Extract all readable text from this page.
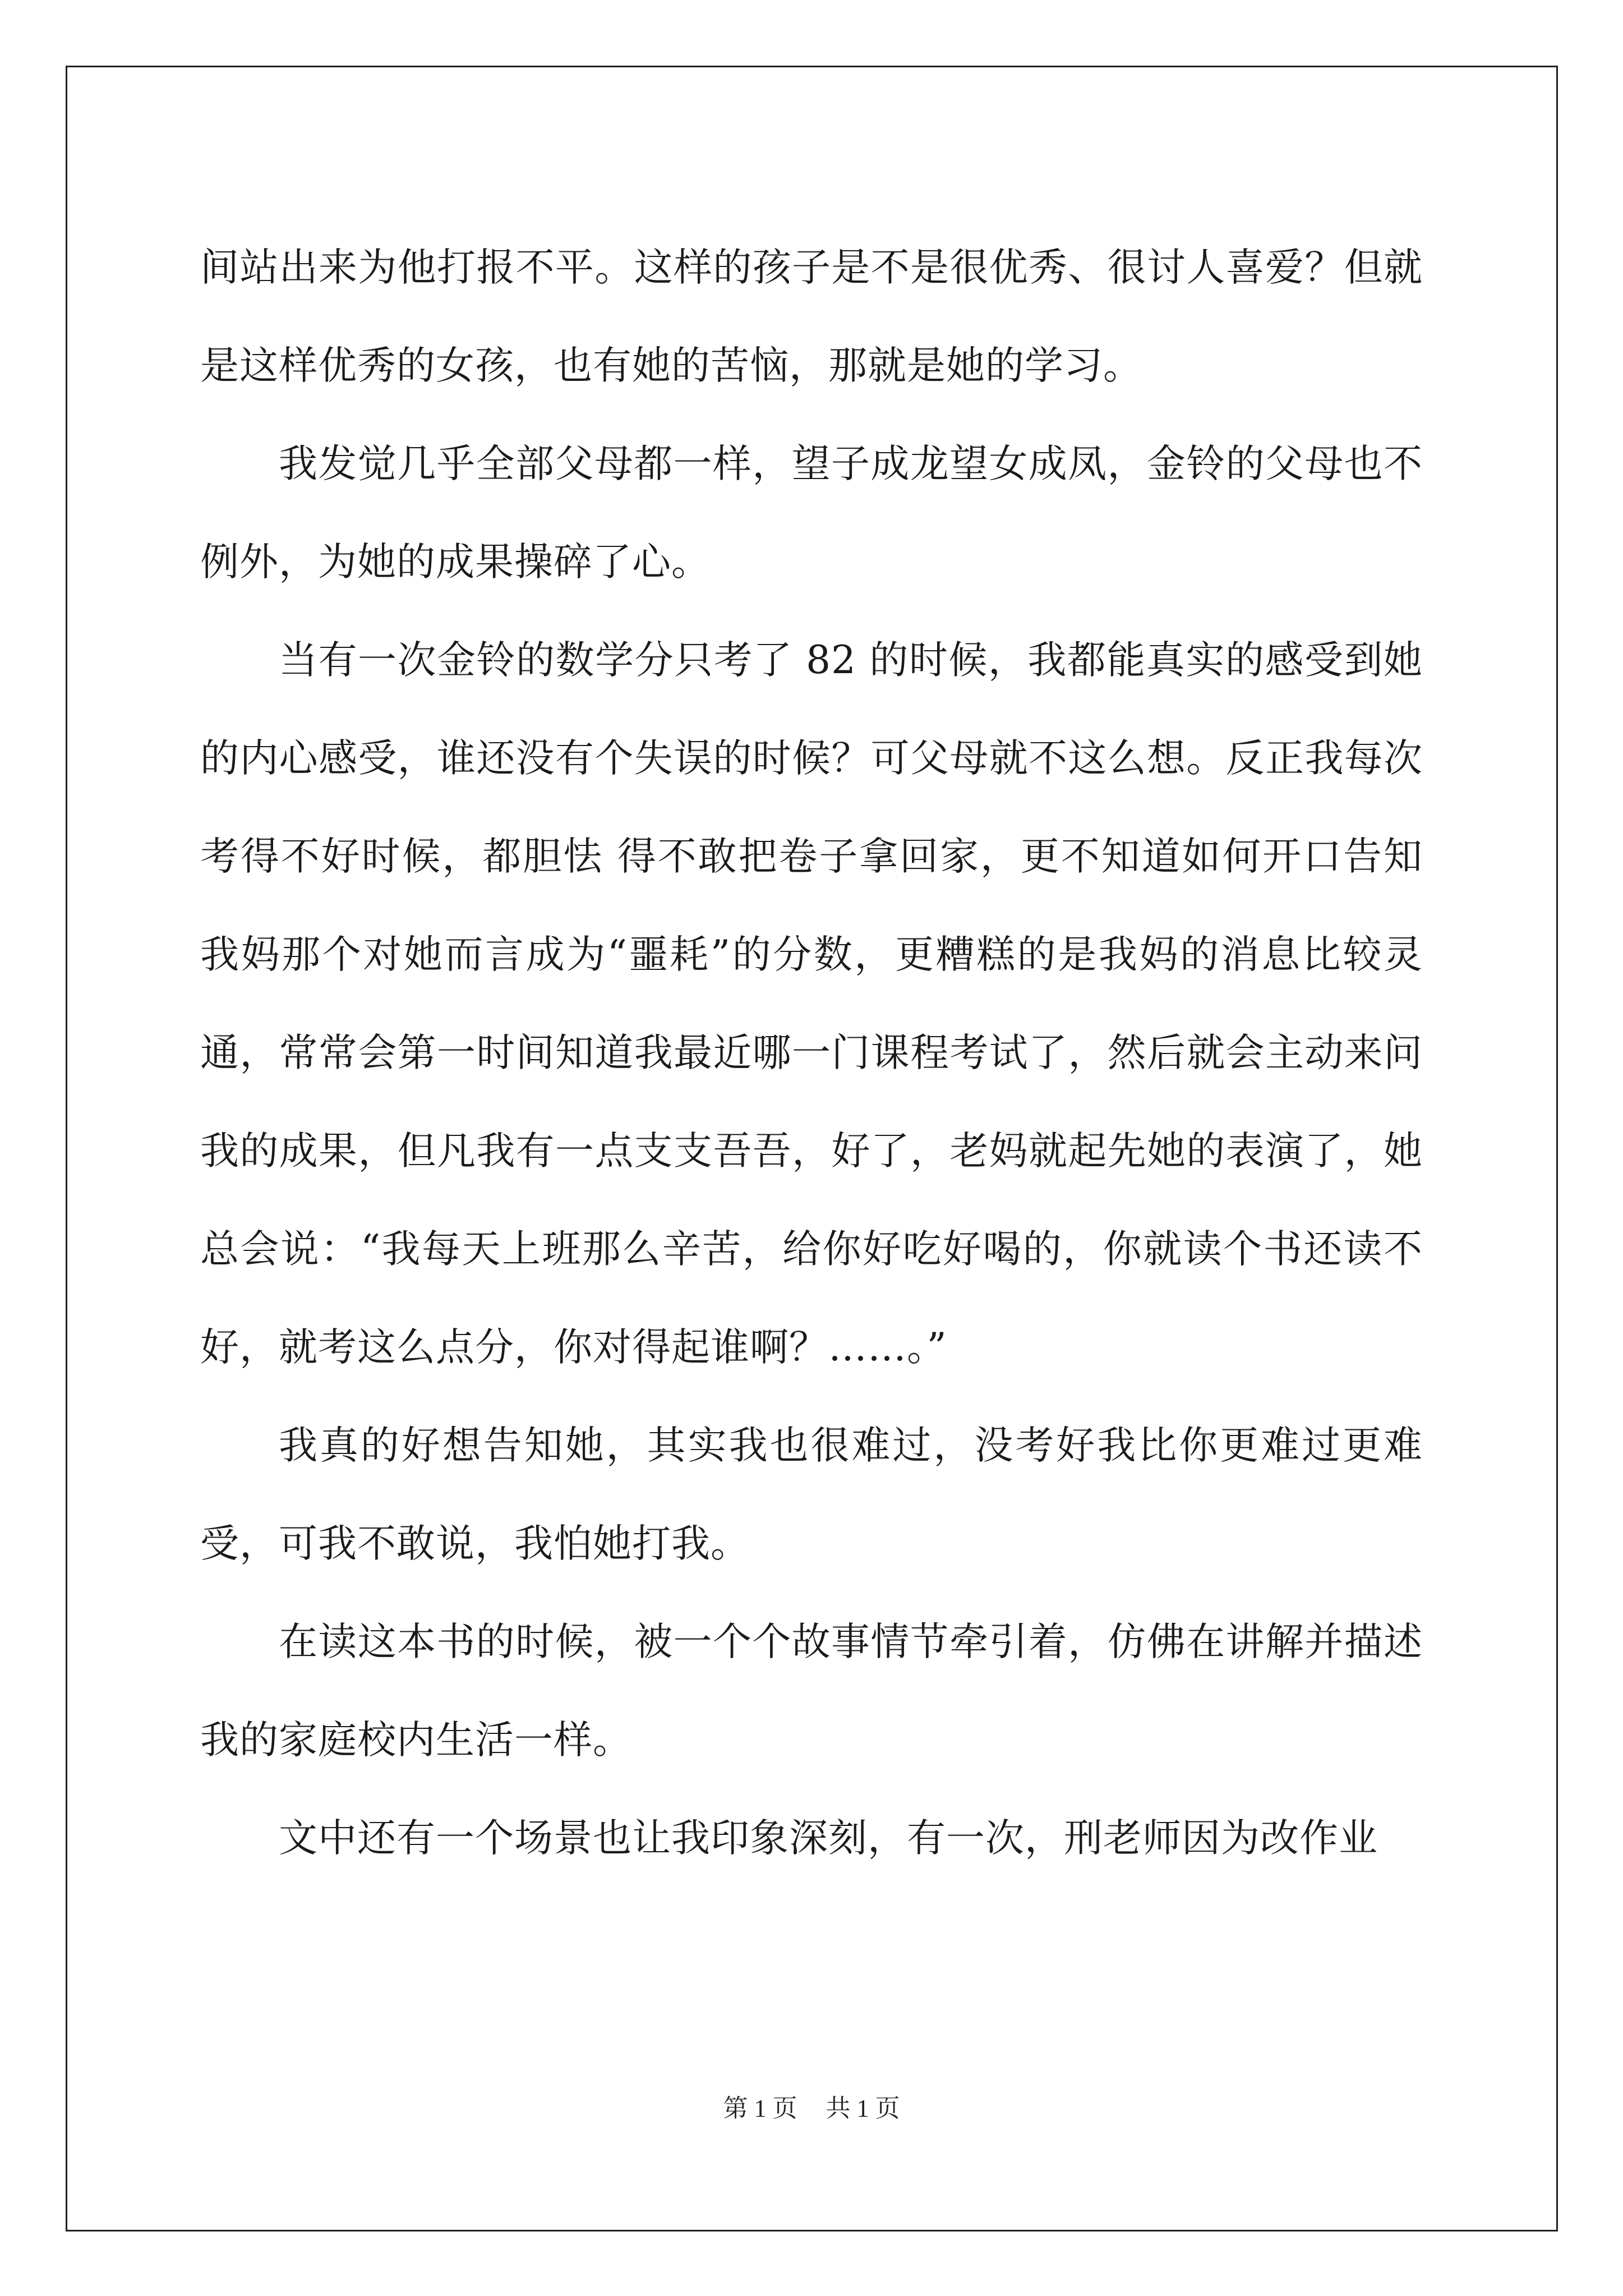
间站出来为他打报不平。这样的孩子是不是很优秀、很讨人喜爱？但就是这样优秀的女孩，也有她的苦恼，那就是她的学习。

我发觉几乎全部父母都一样，望子成龙望女成凤，金铃的父母也不例外，为她的成果操碎了心。

当有一次金铃的数学分只考了 82 的时候，我都能真实的感受到她的内心感受，谁还没有个失误的时候？可父母就不这么想。反正我每次考得不好时候，都胆怯 得不敢把卷子拿回家，更不知道如何开口告知我妈那个对她而言成为“噩耗”的分数，更糟糕的是我妈的消息比较灵通，常常会第一时间知道我最近哪一门课程考试了，然后就会主动来问我的成果，但凡我有一点支支吾吾，好了，老妈就起先她的表演了，她总会说：“我每天上班那么辛苦，给你好吃好喝的，你就读个书还读不好，就考这么点分，你对得起谁啊？……。”

我真的好想告知她，其实我也很难过，没考好我比你更难过更难受，可我不敢说，我怕她打我。

在读这本书的时候，被一个个故事情节牵引着，仿佛在讲解并描述我的家庭校内生活一样。

文中还有一个场景也让我印象深刻，有一次，刑老师因为改作业

第 1 页 共 1 页
